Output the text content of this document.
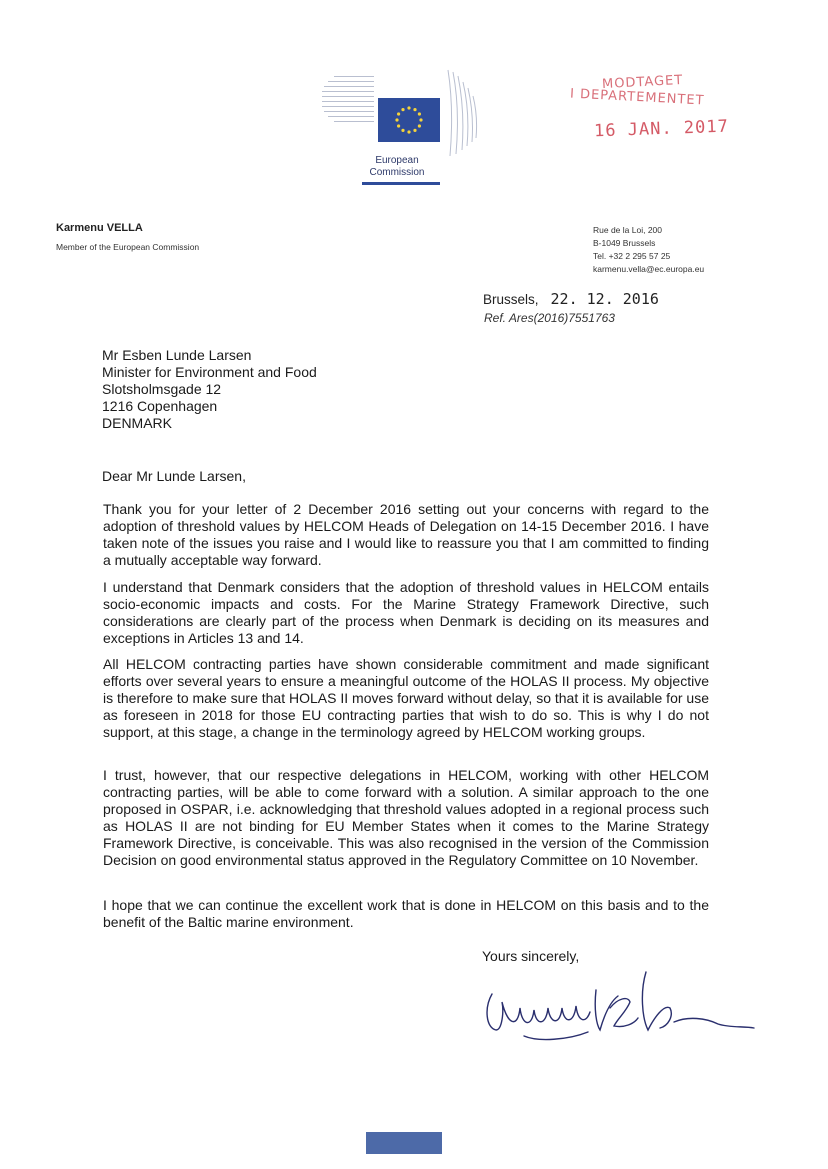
European
Commission
MODTAGET
I DEPARTEMENTET
16 JAN. 2017
Karmenu VELLA
Member of the European Commission
Rue de la Loi, 200
B-1049 Brussels
Tel. +32 2 295 57 25
karmenu.vella@ec.europa.eu
Brussels, 22. 12. 2016
Ref. Ares(2016)7551763
Mr Esben Lunde Larsen
Minister for Environment and Food
Slotsholmsgade 12
1216 Copenhagen
DENMARK
Dear Mr Lunde Larsen,
Thank you for your letter of 2 December 2016 setting out your concerns with regard to the adoption of threshold values by HELCOM Heads of Delegation on 14-15 December 2016. I have taken note of the issues you raise and I would like to reassure you that I am committed to finding a mutually acceptable way forward.
I understand that Denmark considers that the adoption of threshold values in HELCOM entails socio-economic impacts and costs. For the Marine Strategy Framework Directive, such considerations are clearly part of the process when Denmark is deciding on its measures and exceptions in Articles 13 and 14.
All HELCOM contracting parties have shown considerable commitment and made significant efforts over several years to ensure a meaningful outcome of the HOLAS II process. My objective is therefore to make sure that HOLAS II moves forward without delay, so that it is available for use as foreseen in 2018 for those EU contracting parties that wish to do so. This is why I do not support, at this stage, a change in the terminology agreed by HELCOM working groups.
I trust, however, that our respective delegations in HELCOM, working with other HELCOM contracting parties, will be able to come forward with a solution. A similar approach to the one proposed in OSPAR, i.e. acknowledging that threshold values adopted in a regional process such as HOLAS II are not binding for EU Member States when it comes to the Marine Strategy Framework Directive, is conceivable. This was also recognised in the version of the Commission Decision on good environmental status approved in the Regulatory Committee on 10 November.
I hope that we can continue the excellent work that is done in HELCOM on this basis and to the benefit of the Baltic marine environment.
Yours sincerely,
